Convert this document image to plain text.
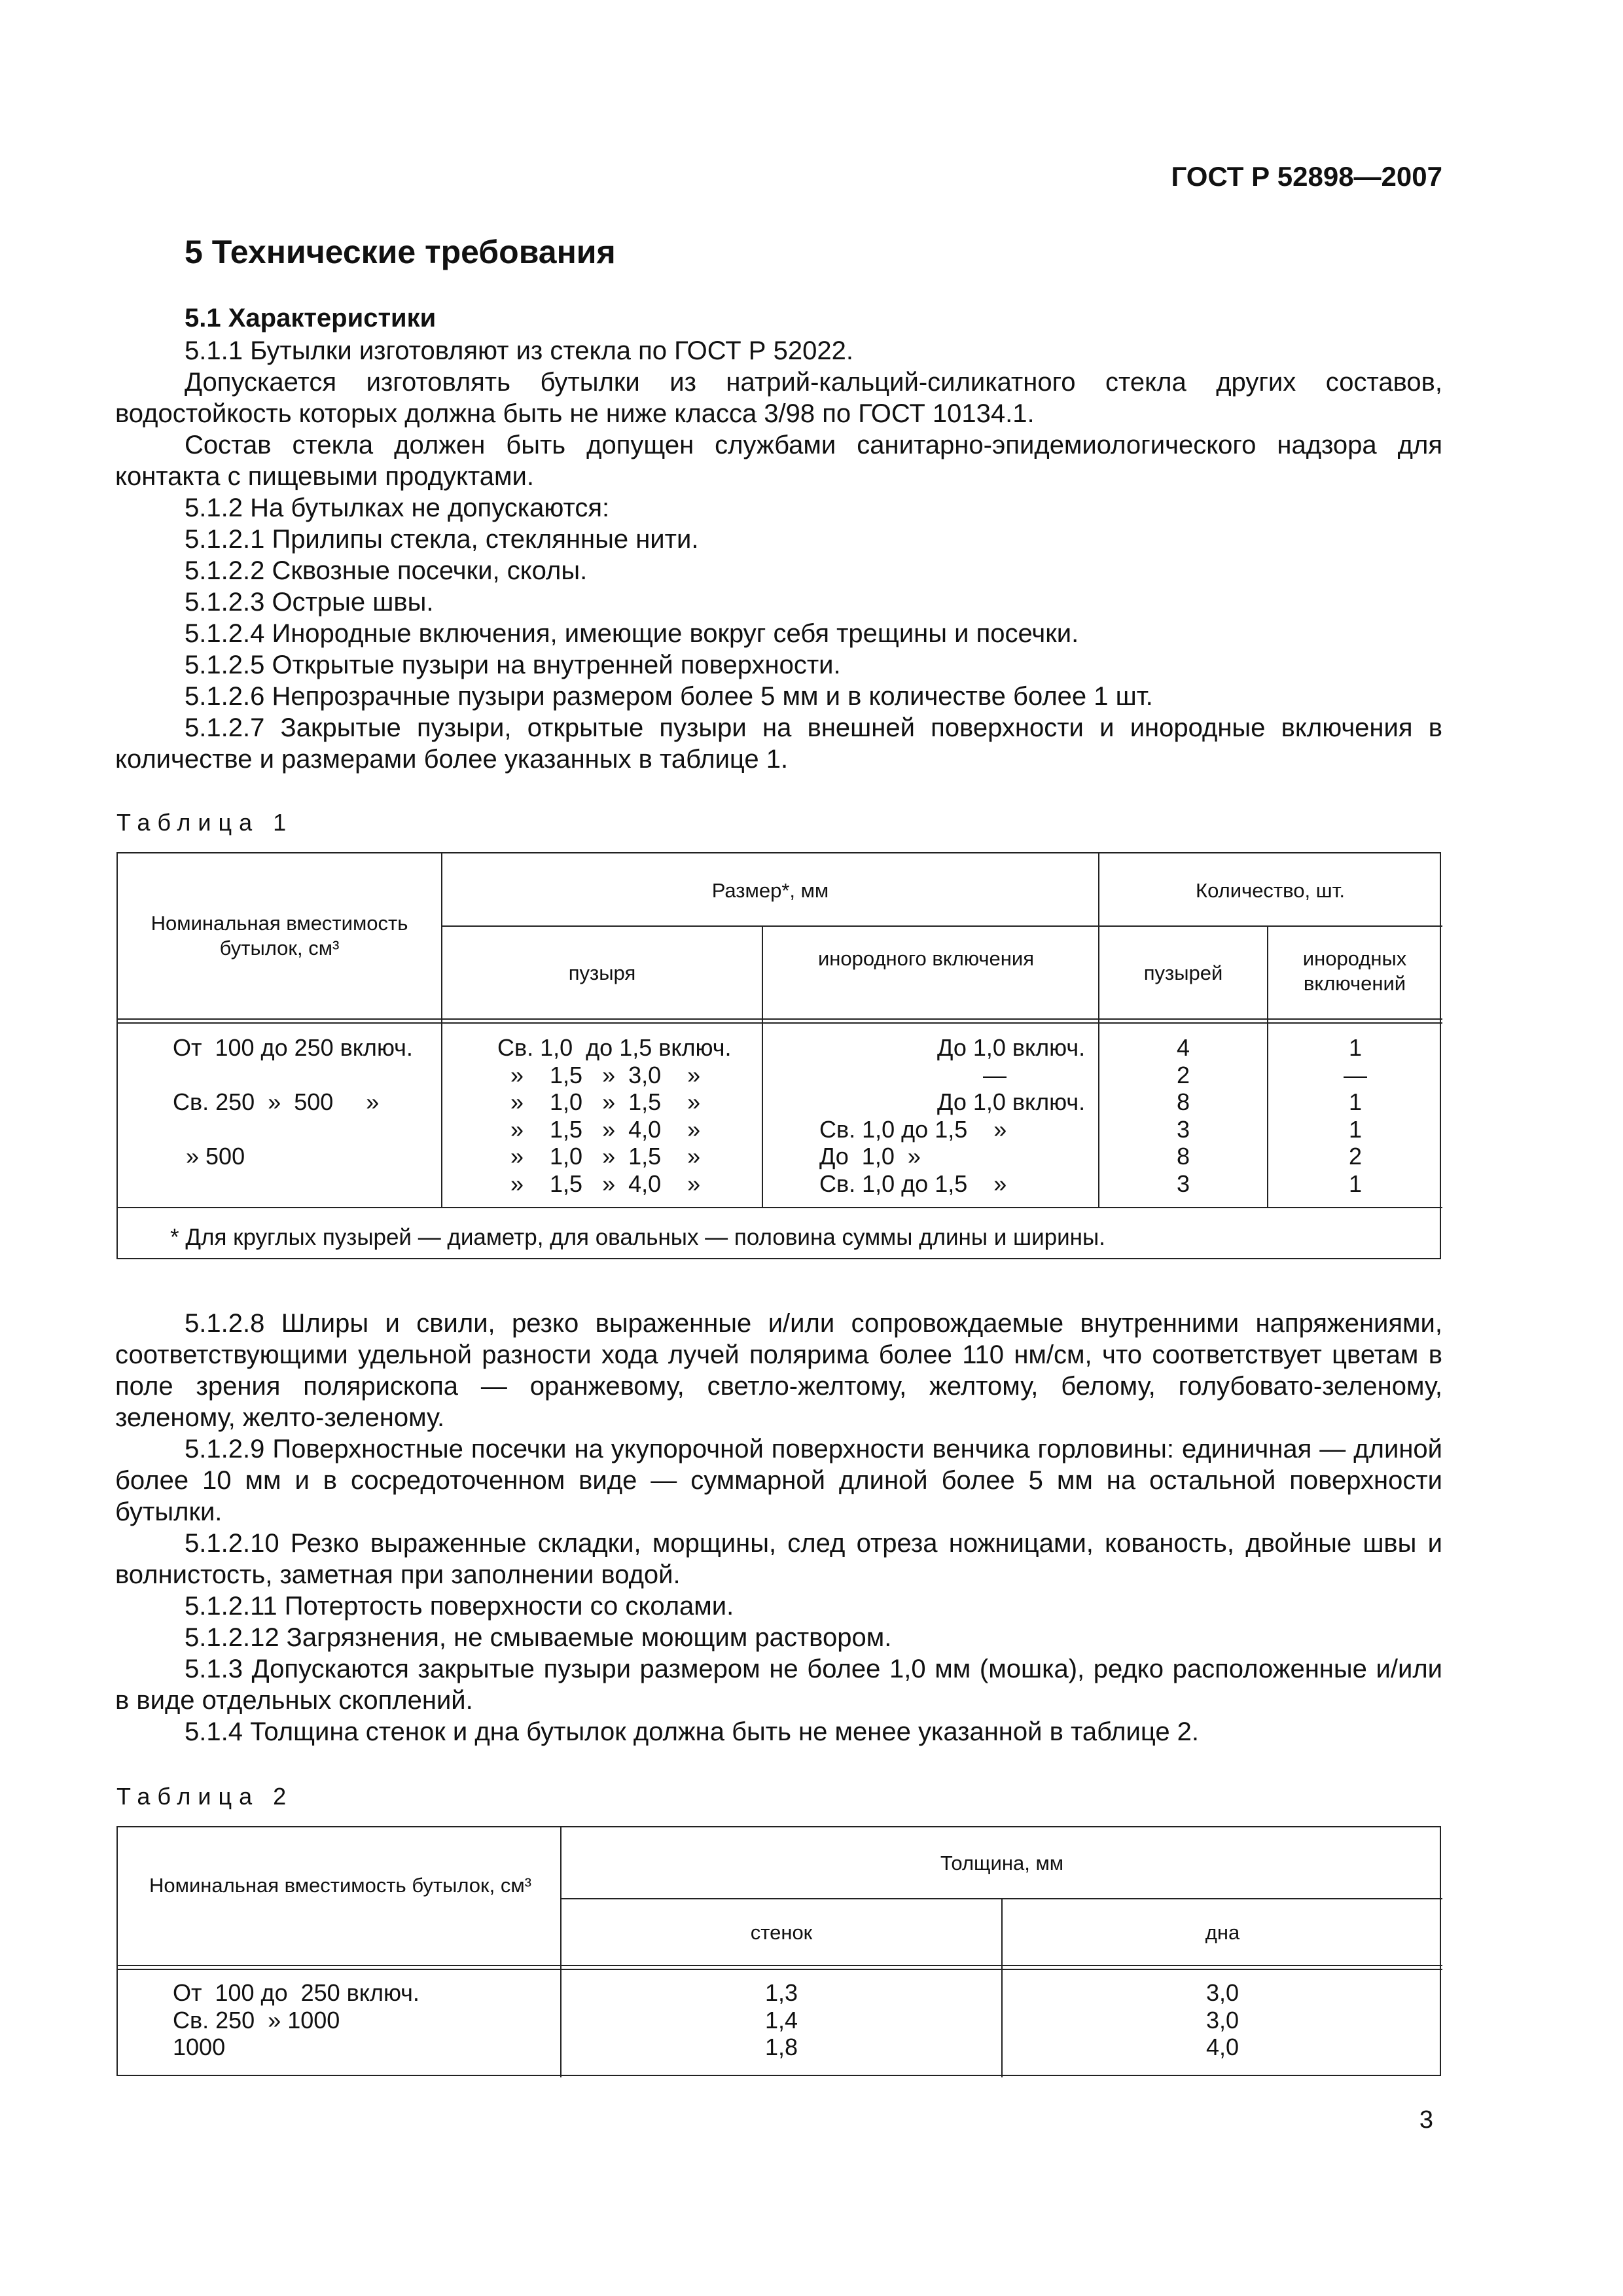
ГОСТ Р 52898—2007
5 Технические требования
5.1 Характеристики

5.1.1 Бутылки изготовляют из стекла по ГОСТ Р 52022.

Допускается изготовлять бутылки из натрий-кальций-силикатного стекла других составов, водостойкость которых должна быть не ниже класса 3/98 по ГОСТ 10134.1.

Состав стекла должен быть допущен службами санитарно-эпидемиологического надзора для контакта с пищевыми продуктами.

5.1.2 На бутылках не допускаются:

5.1.2.1 Прилипы стекла, стеклянные нити.

5.1.2.2 Сквозные посечки, сколы.

5.1.2.3 Острые швы.

5.1.2.4 Инородные включения, имеющие вокруг себя трещины и посечки.

5.1.2.5 Открытые пузыри на внутренней поверхности.

5.1.2.6 Непрозрачные пузыри размером более 5 мм и в количестве более 1 шт.

5.1.2.7 Закрытые пузыри, открытые пузыри на внешней поверхности и инородные включения в количестве и размерами более указанных в таблице 1.

Таблица 1
Номинальная вместимость бутылок, см³
Размер*, мм	Количество, шт.
пузыря
инородного включения
пузырей
инородных включений
От  100 до 250 включ.

Св. 250  »  500     »

» 500
Св. 1,0  до 1,5 включ.
»    1,5   »  3,0    »
»    1,0   »  1,5    »
»    1,5   »  4,0    »
»    1,0   »  1,5    »
»    1,5   »  4,0    »
До 1,0 включ.
—
До 1,0 включ.
Св. 1,0 до 1,5    »
До  1,0  »
Св. 1,0 до 1,5    »
4
2
8
3
8
3
1
—
1
1
2
1
* Для круглых пузырей — диаметр, для овальных — половина суммы длины и ширины.

5.1.2.8 Шлиры и свили, резко выраженные и/или сопровождаемые внутренними напряжениями, соответствующими удельной разности хода лучей полярима более 110 нм/см, что соответствует цветам в поле зрения полярископа — оранжевому, светло-желтому, желтому, белому, голубовато-зеленому, зеленому, желто-зеленому.

5.1.2.9 Поверхностные посечки на укупорочной поверхности венчика горловины: единичная — длиной более 10 мм и в сосредоточенном виде — суммарной длиной более 5 мм на остальной поверхности бутылки.

5.1.2.10 Резко выраженные складки, морщины, след отреза ножницами, кованость, двойные швы и волнистость, заметная при заполнении водой.

5.1.2.11 Потертость поверхности со сколами.

5.1.2.12 Загрязнения, не смываемые моющим раствором.

5.1.3 Допускаются закрытые пузыри размером не более 1,0 мм (мошка), редко расположенные и/или в виде отдельных скоплений.

5.1.4 Толщина стенок и дна бутылок должна быть не менее указанной в таблице 2.

Таблица 2
Номинальная вместимость бутылок, см³
Толщина, мм
стенок	дна
От  100 до  250 включ.
Св. 250  » 1000
1000
1,3
1,4
1,8
3,0
3,0
4,0
3
